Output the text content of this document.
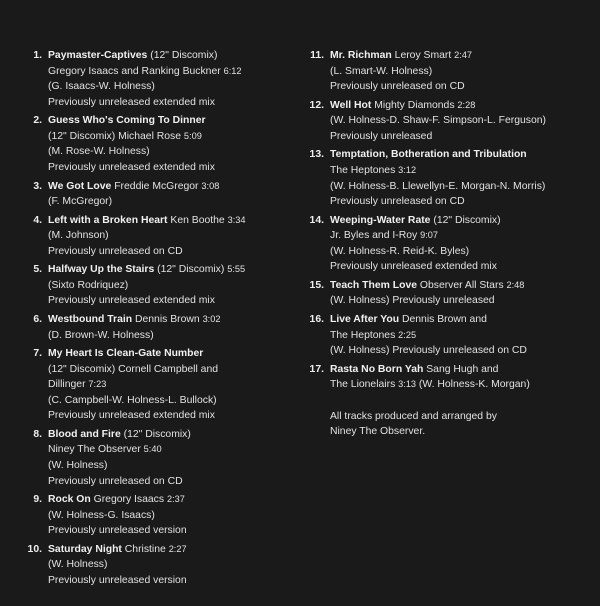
1. Paymaster-Captives (12" Discomix)
Gregory Isaacs and Ranking Buckner 6:12
(G. Isaacs-W. Holness)
Previously unreleased extended mix
2. Guess Who's Coming To Dinner
(12" Discomix) Michael Rose 5:09
(M. Rose-W. Holness)
Previously unreleased extended mix
3. We Got Love Freddie McGregor 3:08
(F. McGregor)
4. Left with a Broken Heart Ken Boothe 3:34
(M. Johnson)
Previously unreleased on CD
5. Halfway Up the Stairs (12" Discomix) 5:55
(Sixto Rodriquez)
Previously unreleased extended mix
6. Westbound Train Dennis Brown 3:02
(D. Brown-W. Holness)
7. My Heart Is Clean-Gate Number
(12" Discomix) Cornell Campbell and
Dillinger 7:23
(C. Campbell-W. Holness-L. Bullock)
Previously unreleased extended mix
8. Blood and Fire (12" Discomix)
Niney The Observer 5:40
(W. Holness)
Previously unreleased on CD
9. Rock On Gregory Isaacs 2:37
(W. Holness-G. Isaacs)
Previously unreleased version
10. Saturday Night Christine 2:27
(W. Holness)
Previously unreleased version
11. Mr. Richman Leroy Smart 2:47
(L. Smart-W. Holness)
Previously unreleased on CD
12. Well Hot Mighty Diamonds 2:28
(W. Holness-D. Shaw-F. Simpson-L. Ferguson)
Previously unreleased
13. Temptation, Botheration and Tribulation
The Heptones 3:12
(W. Holness-B. Llewellyn-E. Morgan-N. Morris)
Previously unreleased on CD
14. Weeping-Water Rate (12" Discomix)
Jr. Byles and I-Roy 9:07
(W. Holness-R. Reid-K. Byles)
Previously unreleased extended mix
15. Teach Them Love Observer All Stars 2:48
(W. Holness) Previously unreleased
16. Live After You Dennis Brown and
The Heptones 2:25
(W. Holness) Previously unreleased on CD
17. Rasta No Born Yah Sang Hugh and
The Lionelairs 3:13 (W. Holness-K. Morgan)
All tracks produced and arranged by
Niney The Observer.
